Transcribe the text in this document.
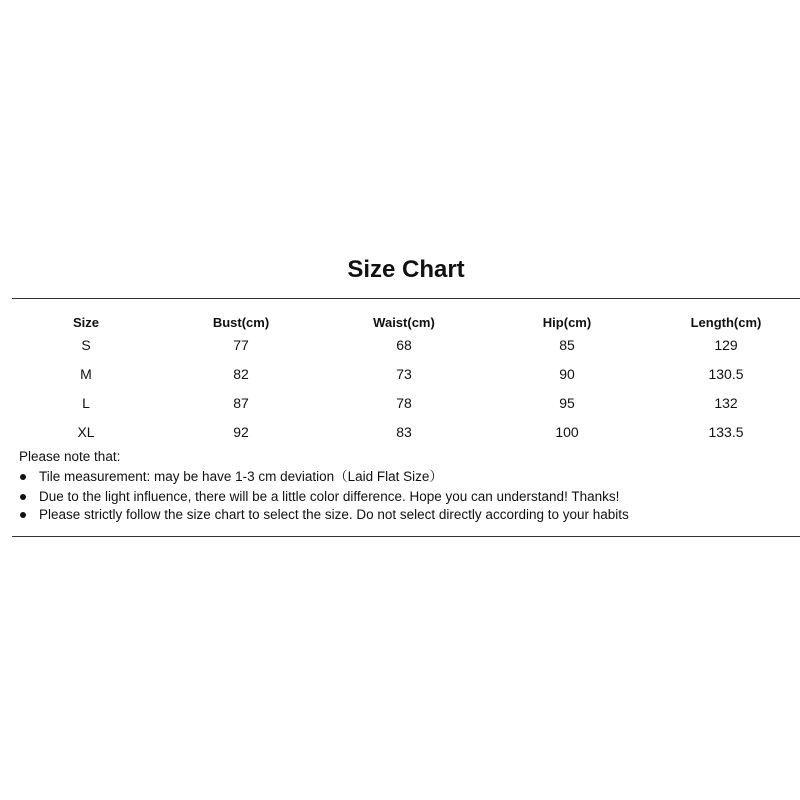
Size Chart
Size	Bust(cm)	Waist(cm)	Hip(cm)	Length(cm)
S	77	68	85	129
M	82	73	90	130.5
L	87	78	95	132
XL	92	83	100	133.5
Please note that:
Tile measurement: may be have 1-3 cm deviation（Laid Flat Size）
Due to the light influence, there will be a little color difference. Hope you can understand! Thanks!
Please strictly follow the size chart to select the size. Do not select directly according to your habits
